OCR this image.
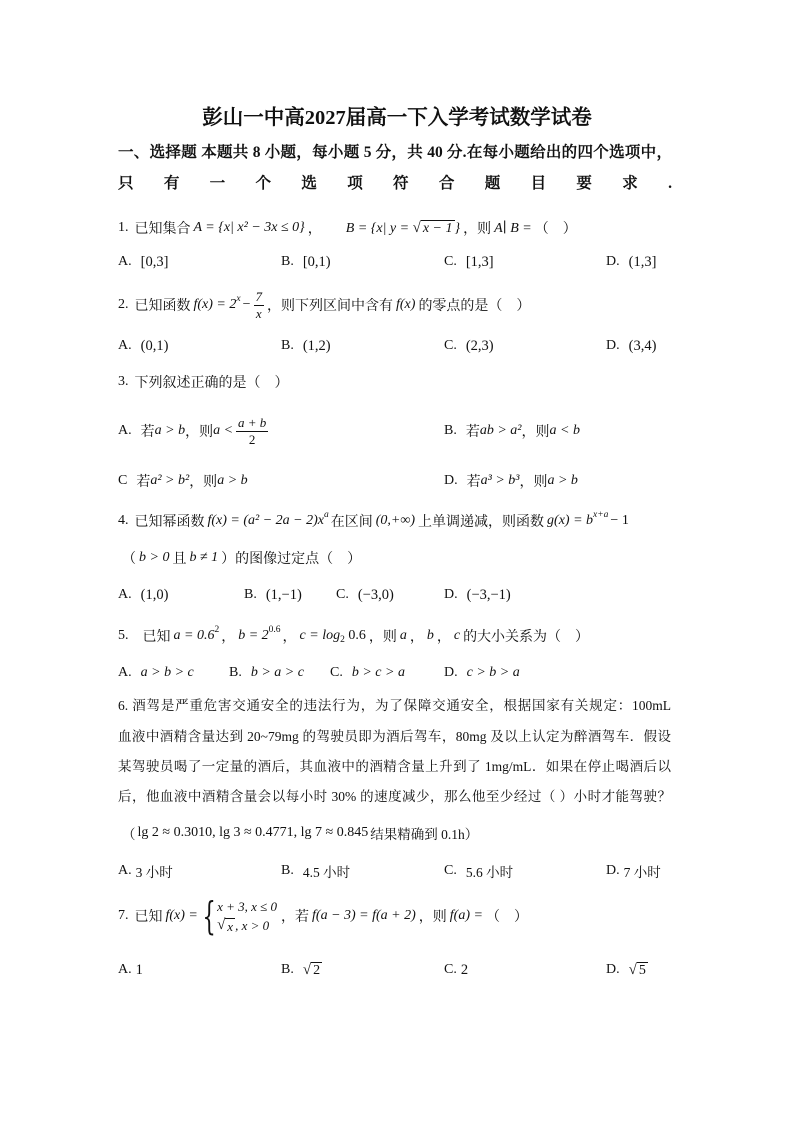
彭山一中高2027届高一下入学考试数学试卷
一、选择题 本题共 8 小题，每小题 5 分，共 40 分.在每小题给出的四个选项中，
只有一个选项符合题目要求.
1. 已知集合 A = {x| x² − 3x ≤ 0} ，	B = {x| y = √ x − 1 }
，则 A∣ B = （    ）
A. [0,3]	B. [0,1)	C. [1,3]	D. (1,3]
2. 已知函数 f(x) = 2 $x - \frac{7}{x}$ ，则下列区间中含有 f(x) 的零点的是（    ）
A. (0,1)	B. (1,2)	C. (2,3)	D. (3,4)
3. 下列叙述正确的是（    ）
A. 若 a > b ，则 $a < \frac{a + b}{2}$	B. 若 ab > a² ，则 a < b
C 若 a² > b² ，则 a > b	D. 若 a³ > b³ ，则 a > b
4. 已知幂函数 f(x) = (a² − 2a − 2)x a 在区间 (0,+∞) 上单调递减，则函数 g(x) = b x+a − 1
（ b > 0 且 b ≠ 1 ）的图像过定点（    ）
A. (1,0)	B. (1,−1) C. (−3,0)	D. (−3,−1)
5. 已知 a = 0.6 2 ， b = 2 0.6 ， c = log 2 0.6 ，则 a ， b ， c 的大小关系为（    ）
A. a > b > c	B. b > a > c C. b > c > a	D. c > b > a
6. 酒驾是严重危害交通安全的违法行为，为了保障交通安全，根据国家有关规定：100mL
血液中酒精含量达到 20~79mg 的驾驶员即为酒后驾车，80mg 及以上认定为醉酒驾车．假设
某驾驶员喝了一定量的酒后，其血液中的酒精含量上升到了 1mg/mL．如果在停止喝酒后以
后，他血液中酒精含量会以每小时 30% 的速度减少，那么他至少经过（ ）小时才能驾驶？
（ lg 2 ≈ 0.3010, lg 3 ≈ 0.4771, lg 7 ≈ 0.845 结果精确到 0.1h）
A. 3 小时	B. 4.5 小时	C. 5.6 小时	D. 7 小时
7. 已知 f(x) = { x + 3, x ≤ 0
√ x , x > 0
，若 f(a − 3) = f(a + 2) ，则 f(a) = （    ）
A. 1	B. √ 2	C. 2	D. √ 5
